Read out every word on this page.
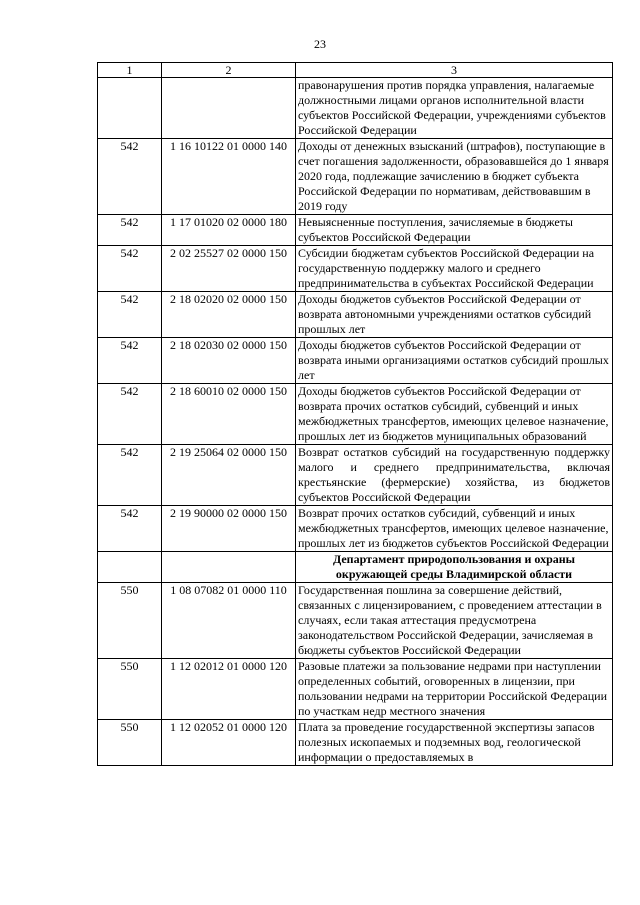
23
1	2	3
		правонарушения против порядка управления, налагаемые должностными лицами органов исполнительной власти субъектов Российской Федерации, учреждениями субъектов Российской Федерации
542	1 16 10122 01 0000 140	Доходы от денежных взысканий (штрафов), поступающие в счет погашения задолженности, образовавшейся до 1 января 2020 года, подлежащие зачислению в бюджет субъекта Российской Федерации по нормативам, действовавшим в 2019 году
542	1 17 01020 02 0000 180	Невыясненные поступления, зачисляемые в бюджеты субъектов Российской Федерации
542	2 02 25527 02 0000 150	Субсидии бюджетам субъектов Российской Федерации на государственную поддержку малого и среднего предпринимательства в субъектах Российской Федерации
542	2 18 02020 02 0000 150	Доходы бюджетов субъектов Российской Федерации от возврата автономными учреждениями остатков субсидий прошлых лет
542	2 18 02030 02 0000 150	Доходы бюджетов субъектов Российской Федерации от возврата иными организациями остатков субсидий прошлых лет
542	2 18 60010 02 0000 150	Доходы бюджетов субъектов Российской Федерации от возврата прочих остатков субсидий, субвенций и иных межбюджетных трансфертов, имеющих целевое назначение, прошлых лет из бюджетов муниципальных образований
542	2 19 25064 02 0000 150	Возврат остатков субсидий на государственную поддержку малого и среднего предпринимательства, включая крестьянские (фермерские) хозяйства, из бюджетов субъектов Российской Федерации
542	2 19 90000 02 0000 150	Возврат прочих остатков субсидий, субвенций и иных межбюджетных трансфертов, имеющих целевое назначение, прошлых лет из бюджетов субъектов Российской Федерации
		Департамент природопользования и охраны окружающей среды Владимирской области
550	1 08 07082 01 0000 110	Государственная пошлина за совершение действий, связанных с лицензированием, с проведением аттестации в случаях, если такая аттестация предусмотрена законодательством Российской Федерации, зачисляемая в бюджеты субъектов Российской Федерации
550	1 12 02012 01 0000 120	Разовые платежи за пользование недрами при наступлении определенных событий, оговоренных в лицензии, при пользовании недрами на территории Российской Федерации по участкам недр местного значения
550	1 12 02052 01 0000 120	Плата за проведение государственной экспертизы запасов полезных ископаемых и подземных вод, геологической информации о предоставляемых в
